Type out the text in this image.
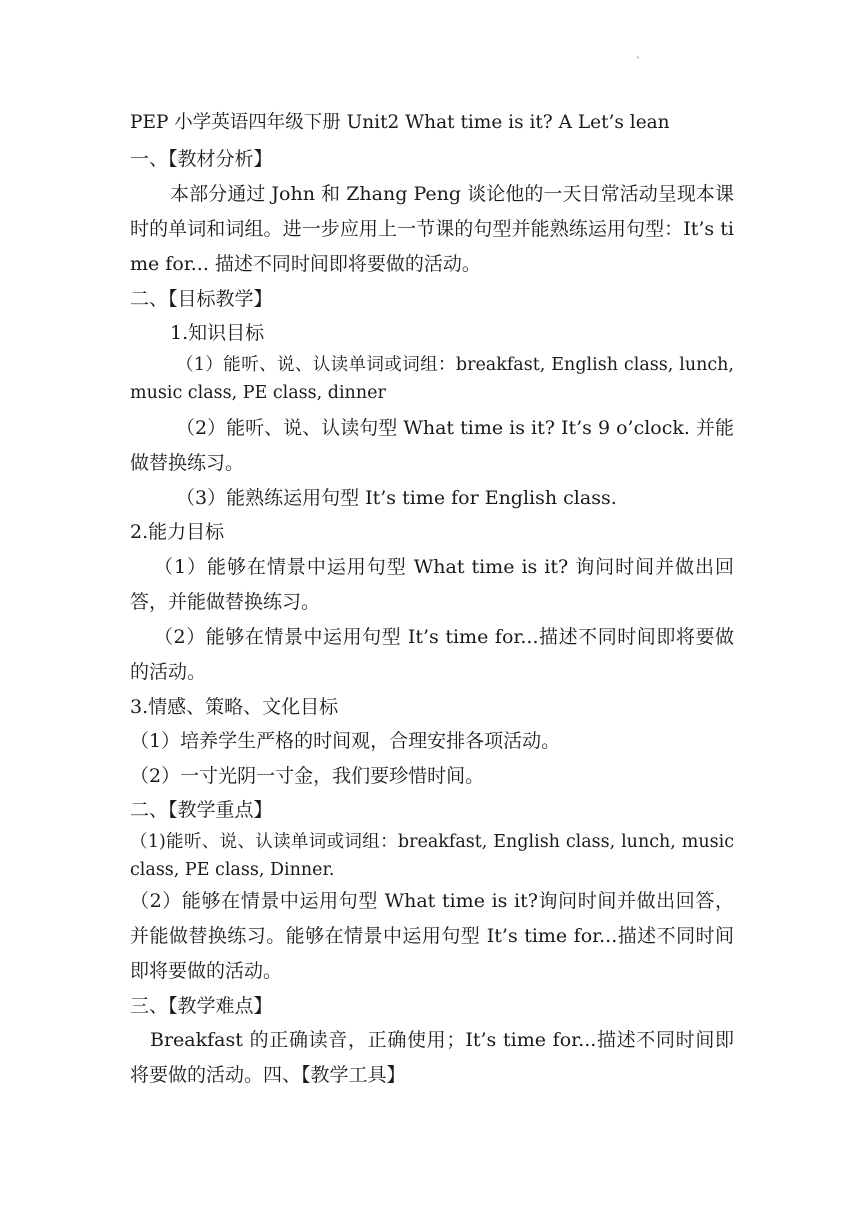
`
PEP 小学英语四年级下册 Unit2 What time is it? A Let’s lean
一、【教材分析】
本部分通过 John 和 Zhang Peng 谈论他的一天日常活动呈现本课时的单词和词组。进一步应用上一节课的句型并能熟练运用句型：It’s time for... 描述不同时间即将要做的活动。
二、【目标教学】
1.知识目标
（1）能听、说、认读单词或词组：breakfast, English class, lunch, music class, PE class, dinner
（2）能听、说、认读句型 What time is it? It’s 9 o’clock. 并能做替换练习。
（3）能熟练运用句型 It’s time for English class.
2.能力目标
（1）能够在情景中运用句型 What time is it? 询问时间并做出回答，并能做替换练习。
（2）能够在情景中运用句型 It’s time for...描述不同时间即将要做的活动。
3.情感、策略、文化目标
（1）培养学生严格的时间观，合理安排各项活动。
（2）一寸光阴一寸金，我们要珍惜时间。
二、【教学重点】
（1)能听、说、认读单词或词组：breakfast, English class, lunch, music class, PE class, Dinner.
（2）能够在情景中运用句型 What time is it?询问时间并做出回答，并能做替换练习。能够在情景中运用句型 It’s time for...描述不同时间即将要做的活动。
三、【教学难点】
Breakfast 的正确读音，正确使用；It’s time for...描述不同时间即将要做的活动。四、【教学工具】
